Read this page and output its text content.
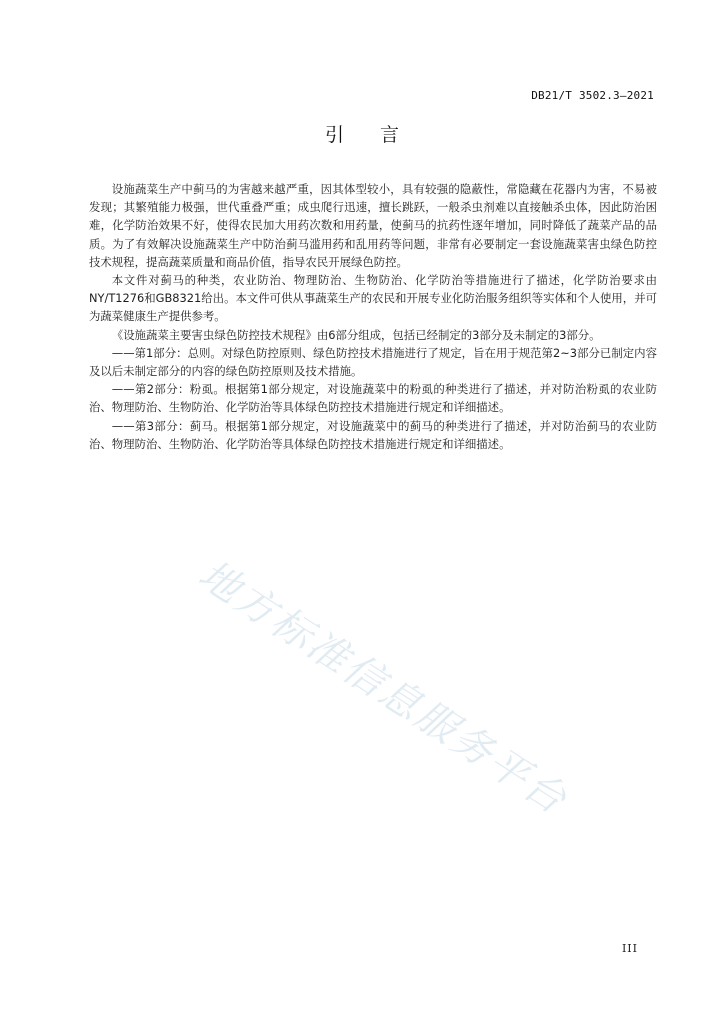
DB21/T 3502.3—2021
引言

设施蔬菜生产中蓟马的为害越来越严重，因其体型较小，具有较强的隐蔽性，常隐藏在花器内为害，不易被发现；其繁殖能力极强，世代重叠严重；成虫爬行迅速，擅长跳跃，一般杀虫剂难以直接触杀虫体，因此防治困难，化学防治效果不好，使得农民加大用药次数和用药量，使蓟马的抗药性逐年增加，同时降低了蔬菜产品的品质。为了有效解决设施蔬菜生产中防治蓟马滥用药和乱用药等问题，非常有必要制定一套设施蔬菜害虫绿色防控技术规程，提高蔬菜质量和商品价值，指导农民开展绿色防控。

本文件对蓟马的种类，农业防治、物理防治、生物防治、化学防治等措施进行了描述，化学防治要求由NY/T1276和GB8321给出。本文件可供从事蔬菜生产的农民和开展专业化防治服务组织等实体和个人使用，并可为蔬菜健康生产提供参考。

《设施蔬菜主要害虫绿色防控技术规程》由6部分组成，包括已经制定的3部分及未制定的3部分。

——第1部分：总则。对绿色防控原则、绿色防控技术措施进行了规定，旨在用于规范第2~3部分已制定内容及以后未制定部分的内容的绿色防控原则及技术措施。

——第2部分：粉虱。根据第1部分规定，对设施蔬菜中的粉虱的种类进行了描述，并对防治粉虱的农业防治、物理防治、生物防治、化学防治等具体绿色防控技术措施进行规定和详细描述。

——第3部分：蓟马。根据第1部分规定，对设施蔬菜中的蓟马的种类进行了描述，并对防治蓟马的农业防治、物理防治、生物防治、化学防治等具体绿色防控技术措施进行规定和详细描述。

地方标准信息服务平台
III
